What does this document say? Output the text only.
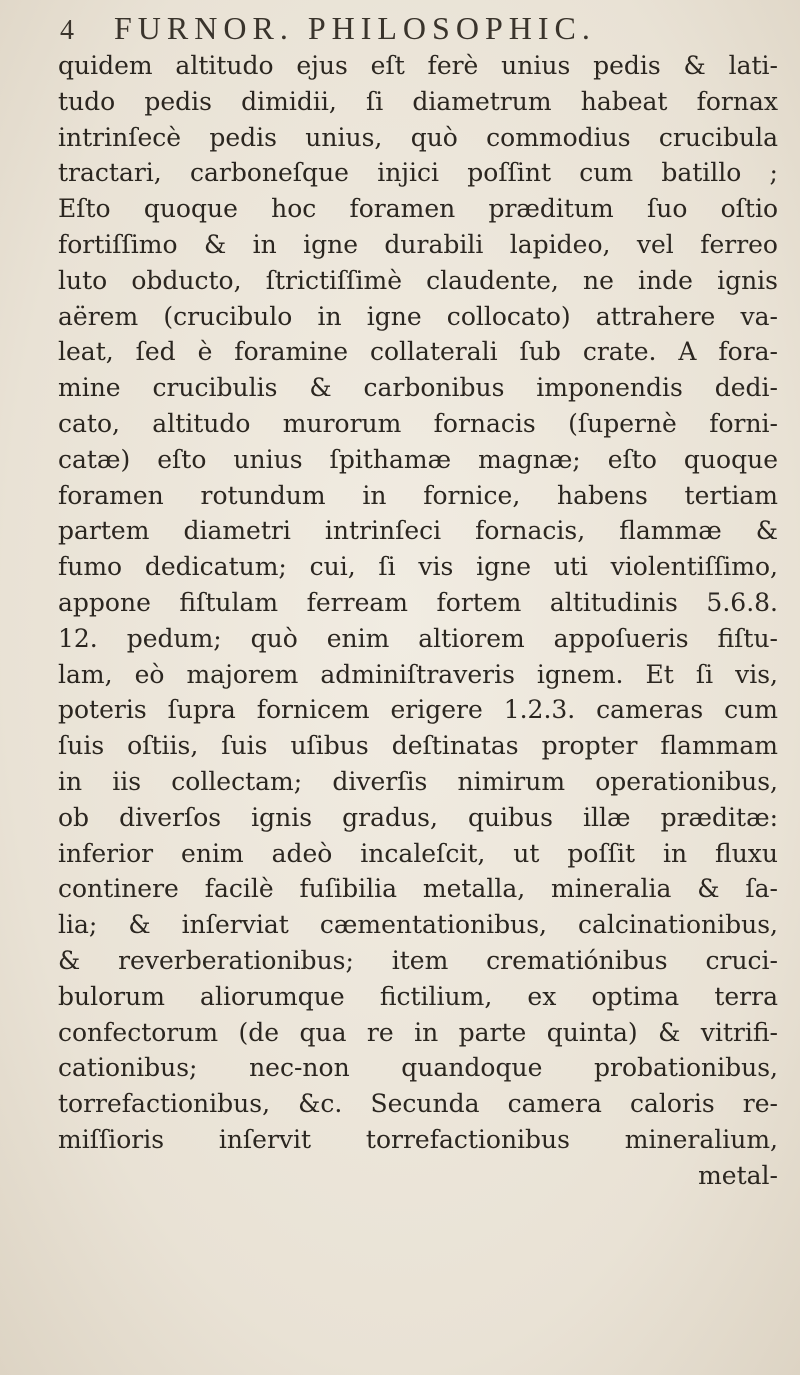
4 FURNOR. PHILOSOPHIC.
quidem altitudo ejus eſt ferè unius pedis & lati-
tudo pedis dimidii, ſi diametrum habeat fornax
intrinſecè pedis unius, quò commodius crucibula
tractari, carboneſque injici poſſint cum batillo ;
Eſto quoque hoc foramen præditum ſuo oſtio
fortiſſimo & in igne durabili lapideo, vel ferreo
luto obducto, ſtrictiſſimè claudente, ne inde ignis
aërem (crucibulo in igne collocato) attrahere va-
leat, ſed è foramine collaterali ſub crate. A fora-
mine crucibulis & carbonibus imponendis dedi-
cato, altitudo murorum fornacis (ſupernè forni-
catæ) eſto unius ſpithamæ magnæ; eſto quoque
foramen rotundum in fornice, habens tertiam
partem diametri intrinſeci fornacis, flammæ &
fumo dedicatum; cui, ſi vis igne uti violentiſſimo,
appone fiſtulam ferream fortem altitudinis 5.6.8.
12. pedum; quò enim altiorem appoſueris fiſtu-
lam, eò majorem adminiſtraveris ignem. Et ſi vis,
poteris ſupra fornicem erigere 1.2.3. cameras cum
ſuis oſtiis, ſuis uſibus deſtinatas propter flammam
in iis collectam; diverſis nimirum operationibus,
ob diverſos ignis gradus, quibus illæ præditæ:
inferior enim adeò incaleſcit, ut poſſit in fluxu
continere facilè fuſibilia metalla, mineralia & ſa-
lia; & inſerviat cæmentationibus, calcinationibus,
& reverberationibus; item crematiónibus cruci-
bulorum aliorumque fictilium, ex optima terra
confectorum (de qua re in parte quinta) & vitrifi-
cationibus; nec-non quandoque probationibus,
torrefactionibus, &c. Secunda camera caloris re-
miſſioris inſervit torrefactionibus mineralium,
metal-
